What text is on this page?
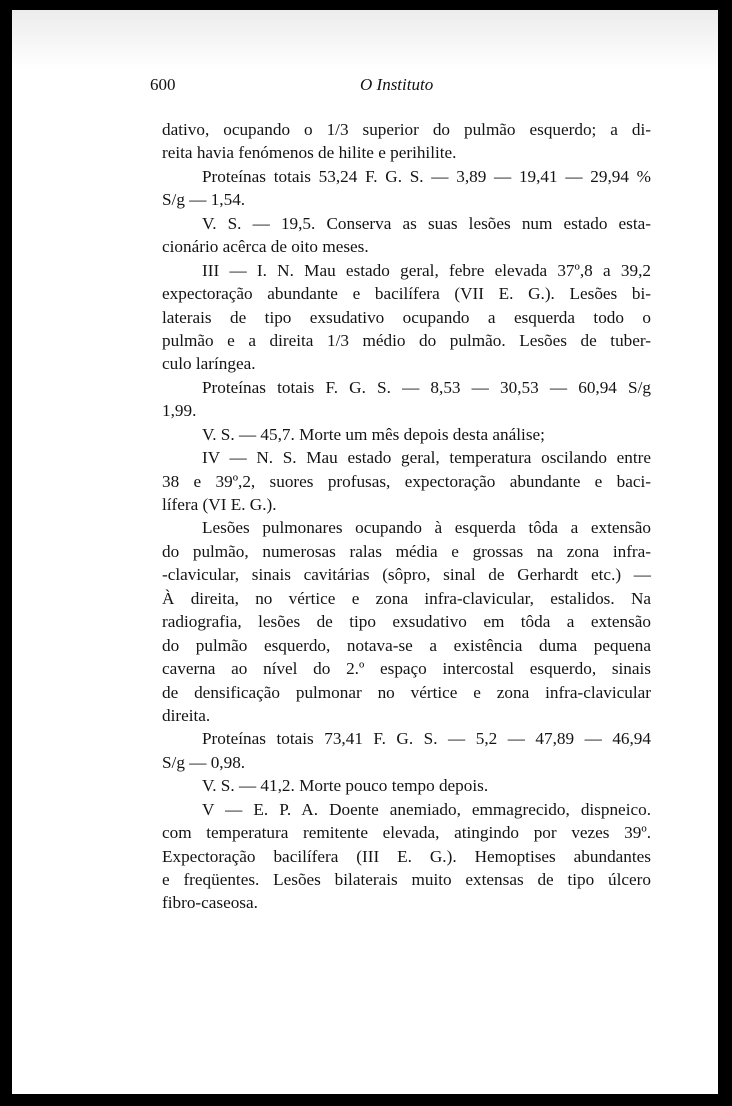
600	O Instituto
dativo, ocupando o 1/3 superior do pulmão esquerdo; a di-
reita havia fenómenos de hilite e perihilite.
Proteínas totais 53,24 F. G. S. — 3,89 — 19,41 — 29,94 %
S/g — 1,54.
V. S. — 19,5. Conserva as suas lesões num estado esta-
cionário acêrca de oito meses.
III — I. N. Mau estado geral, febre elevada 37º,8 a 39,2
expectoração abundante e bacilífera (VII E. G.). Lesões bi-
laterais de tipo exsudativo ocupando a esquerda todo o
pulmão e a direita 1/3 médio do pulmão. Lesões de tuber-
culo laríngea.
Proteínas totais F. G. S. — 8,53 — 30,53 — 60,94 S/g
1,99.
V. S. — 45,7. Morte um mês depois desta análise;
IV — N. S. Mau estado geral, temperatura oscilando entre
38 e 39º,2, suores profusas, expectoração abundante e baci-
lífera (VI E. G.).
Lesões pulmonares ocupando à esquerda tôda a extensão
do pulmão, numerosas ralas média e grossas na zona infra-
-clavicular, sinais cavitárias (sôpro, sinal de Gerhardt etc.) —
À direita, no vértice e zona infra-clavicular, estalidos. Na
radiografia, lesões de tipo exsudativo em tôda a extensão
do pulmão esquerdo, notava-se a existência duma pequena
caverna ao nível do 2.º espaço intercostal esquerdo, sinais
de densificação pulmonar no vértice e zona infra-clavicular
direita.
Proteínas totais 73,41 F. G. S. — 5,2 — 47,89 — 46,94
S/g — 0,98.
V. S. — 41,2. Morte pouco tempo depois.
V — E. P. A. Doente anemiado, emmagrecido, dispneico.
com temperatura remitente elevada, atingindo por vezes 39º.
Expectoração bacilífera (III E. G.). Hemoptises abundantes
e freqüentes. Lesões bilaterais muito extensas de tipo úlcero
fibro-caseosa.
